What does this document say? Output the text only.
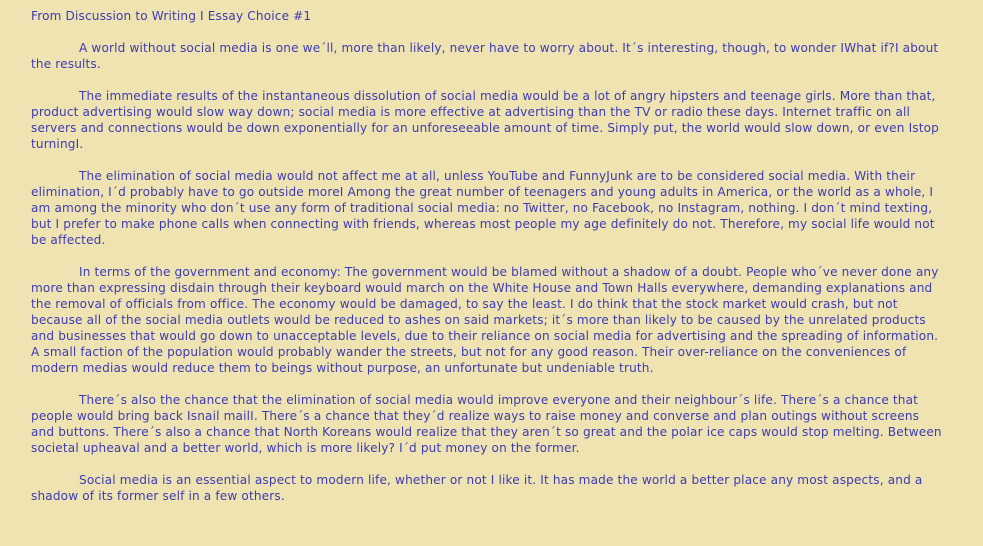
From Discussion to Writing I Essay Choice #1

A world without social media is one we´ll, more than likely, never have to worry about. It´s interesting, though, to wonder IWhat if?I about the results.

The immediate results of the instantaneous dissolution of social media would be a lot of angry hipsters and teenage girls. More than that, product advertising would slow way down; social media is more effective at advertising than the TV or radio these days. Internet traffic on all servers and connections would be down exponentially for an unforeseeable amount of time. Simply put, the world would slow down, or even Istop turningI.

The elimination of social media would not affect me at all, unless YouTube and FunnyJunk are to be considered social media. With their elimination, I´d probably have to go outside moreI Among the great number of teenagers and young adults in America, or the world as a whole, I am among the minority who don´t use any form of traditional social media: no Twitter, no Facebook, no Instagram, nothing. I don´t mind texting, but I prefer to make phone calls when connecting with friends, whereas most people my age definitely do not. Therefore, my social life would not be affected.

In terms of the government and economy: The government would be blamed without a shadow of a doubt. People who´ve never done any more than expressing disdain through their keyboard would march on the White House and Town Halls everywhere, demanding explanations and the removal of officials from office. The economy would be damaged, to say the least. I do think that the stock market would crash, but not because all of the social media outlets would be reduced to ashes on said markets; it´s more than likely to be caused by the unrelated products and businesses that would go down to unacceptable levels, due to their reliance on social media for advertising and the spreading of information. A small faction of the population would probably wander the streets, but not for any good reason. Their over-reliance on the conveniences of modern medias would reduce them to beings without purpose, an unfortunate but undeniable truth.

There´s also the chance that the elimination of social media would improve everyone and their neighbour´s life. There´s a chance that people would bring back Isnail mailI. There´s a chance that they´d realize ways to raise money and converse and plan outings without screens and buttons. There´s also a chance that North Koreans would realize that they aren´t so great and the polar ice caps would stop melting. Between societal upheaval and a better world, which is more likely? I´d put money on the former.

Social media is an essential aspect to modern life, whether or not I like it. It has made the world a better place any most aspects, and a shadow of its former self in a few others.
